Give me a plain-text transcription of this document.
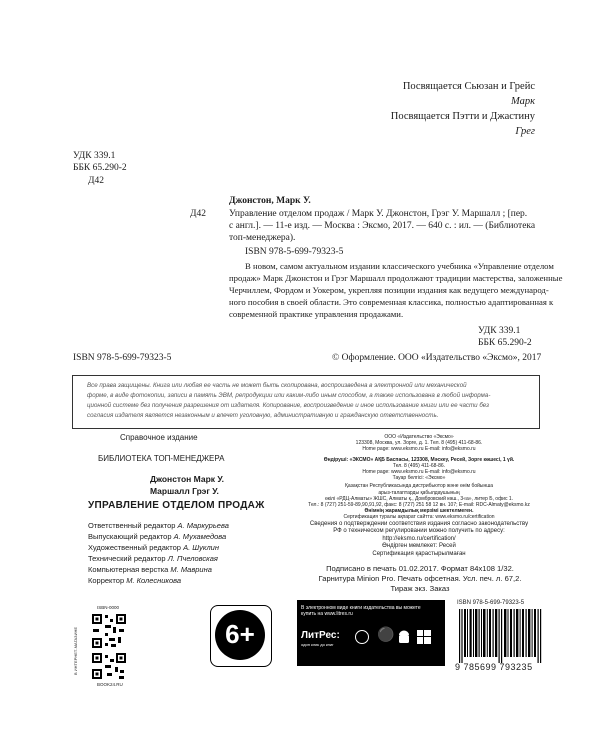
Посвящается Сьюзан и Грейс
Марк
Посвящается Пэтти и Джастину
Грег
УДК 339.1
ББК 65.290-2
Д42
Д42
Джонстон, Марк У.
Управление отделом продаж / Марк У. Джонстон, Грэг У. Маршалл ; [пер.
с англ.]. — 11-е изд. — Москва : Эксмо, 2017. — 640 с. : ил. — (Библиотека
топ-менеджера).
ISBN 978-5-699-79323-5
В новом, самом актуальном издании классического учебника «Управление отделом
продаж» Марк Джонстон и Грэг Маршалл продолжают традиции мастерства, заложенные
Черчиллем, Фордом и Уокером, укрепляя позиции издания как ведущего международ-
ного пособия в своей области. Это современная классика, полностью адаптированная к
современной практике управления продажами.
УДК 339.1
ББК 65.290-2
ISBN 978-5-699-79323-5	© Оформление. ООО «Издательство «Эксмо», 2017
Все права защищены. Книга или любая ее часть не может быть скопирована, воспроизведена в электронной или механической
форме, в виде фотокопии, записи в память ЭВМ, репродукции или каким-либо иным способом, а также использована в любой информа-
ционной системе без получения разрешения от издателя. Копирование, воспроизведение и иное использование книги или ее части без
согласия издателя является незаконным и влечет уголовную, административную и гражданскую ответственность.
Справочное издание
БИБЛИОТЕКА ТОП-МЕНЕДЖЕРА
Джонстон Марк У.
Маршалл Грэг У.
УПРАВЛЕНИЕ ОТДЕЛОМ ПРОДАЖ
Ответственный редактор А. Маркурьева
Выпускающий редактор А. Мухамедова
Художественный редактор А. Шуклин
Технический редактор Л. Пчеловская
Компьютерная верстка М. Маврина
Корректор М. Колесникова
ООО «Издательство «Эксмо»
123308, Москва, ул. Зорге, д. 1. Тел. 8 (495) 411-68-86.
Home page: www.eksmo.ru E-mail: info@eksmo.ru
Өндіруші: «ЭКСМО» АҚБ Баспасы, 123308, Мәскеу, Ресей, Зорге көшесі, 1 үй.
Тел. 8 (495) 411-68-86.
Home page: www.eksmo.ru E-mail: info@eksmo.ru
Тауар белгісі: «Эксмо»
Қазақстан Республикасында дистрибьютор және өнім бойынша
арыз-талаптарды қабылдаушының
өкілі «РДЦ-Алматы» ЖШС, Алматы қ., Домбровский көш., 3«а», литер Б, офис 1.
Тел.: 8 (727) 251-59-89,90,91,92, факс: 8 (727) 251 58 12 вн. 107; E-mail: RDC-Almaty@eksmo.kz
Өнімнің жарамдылық мерзімі шектелмеген.
Сертификация туралы ақпарат сайтта: www.eksmo.ru/certification
Сведения о подтверждении соответствия издания согласно законодательству
РФ о техническом регулировании можно получить по адресу:
http://eksmo.ru/certification/
Өндірген мемлекет: Ресей
Сертификация қарастырылмаған
Подписано в печать 01.02.2017. Формат 84x108 1/32.
Гарнитура Minion Pro. Печать офсетная. Усл. печ. л. 67,2.
Тираж экз. Заказ
В ИНТЕРНЕТ-МАГАЗИНЕ
ISBN-0000
BOOK24.RU
6+
В электронном виде книги издательства вы можете
купить на www.litres.ru
ЛитРес:
один клик до книг
⚫
ISBN 978-5-699-79323-5
9 785699 793235
